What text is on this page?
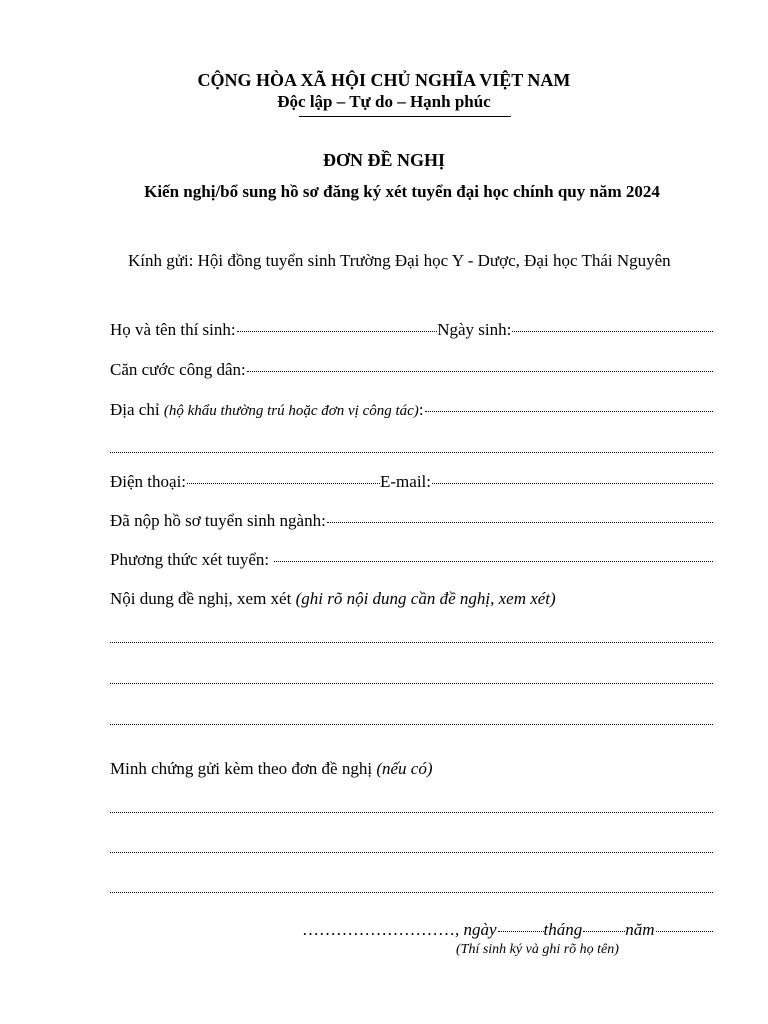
CỘNG HÒA XÃ HỘI CHỦ NGHĨA VIỆT NAM
Độc lập – Tự do – Hạnh phúc
ĐƠN ĐỀ NGHỊ
Kiến nghị/bổ sung hồ sơ đăng ký xét tuyển đại học chính quy năm 2024
Kính gửi: Hội đồng tuyển sinh Trường Đại học Y - Dược, Đại học Thái Nguyên
Họ và tên thí sinh:	Ngày sinh:
Căn cước công dân:
Địa chỉ
(hộ khẩu thường trú hoặc đơn vị công tác) :
Điện thoại:	E-mail:
Đã nộp hồ sơ tuyển sinh ngành:
Phương thức xét tuyển:
Nội dung đề nghị, xem xét
(ghi rõ nội dung cần đề nghị, xem xét)
Minh chứng gửi kèm theo đơn đề nghị
(nếu có)
……………………… , ngày	tháng	năm
(Thí sinh ký và ghi rõ họ tên)
